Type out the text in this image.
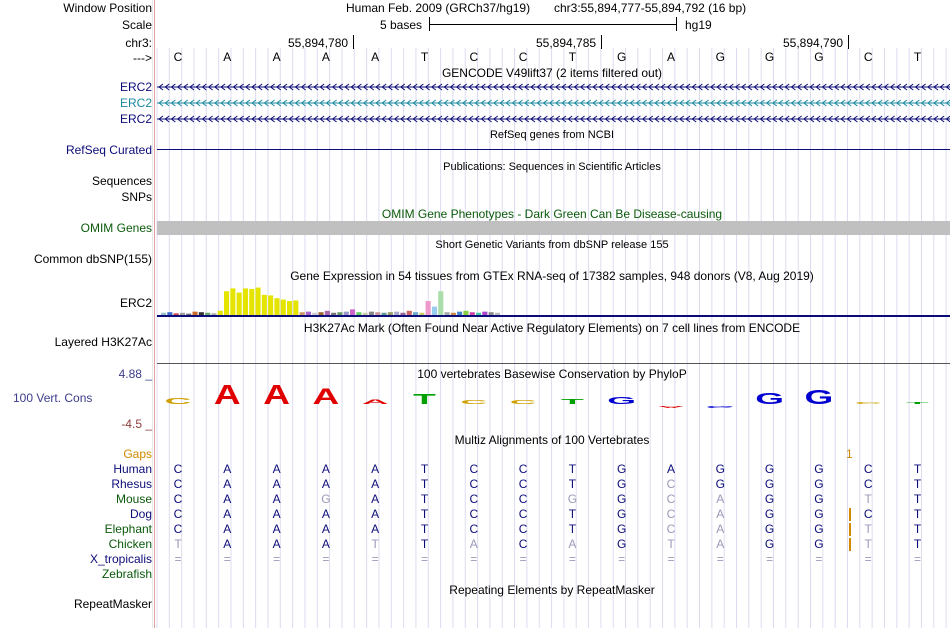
Window Position
Scale
chr3:
--->
Human Feb. 2009 (GRCh37/hg19) chr3:55,894,777-55,894,792 (16 bp)
5 bases	hg19
55,894,780	55,894,785	55,894,790
C	A	A	A	A	T	C	C	T	G	A	G	G	G	C	T
GENCODE V49lift37 (2 items filtered out)
ERC2
ERC2
ERC2
RefSeq genes from NCBI
RefSeq Curated
Publications: Sequences in Scientific Articles
Sequences
SNPs
OMIM Gene Phenotypes - Dark Green Can Be Disease-causing
OMIM Genes
Short Genetic Variants from dbSNP release 155
Common dbSNP(155)
Gene Expression in 54 tissues from GTEx RNA-seq of 17382 samples, 948 donors (V8, Aug 2019)
ERC2
H3K27Ac Mark (Often Found Near Active Regulatory Elements) on 7 cell lines from ENCODE
Layered H3K27Ac
100 vertebrates Basewise Conservation by PhyloP
4.88 _
100 Vert. Cons
-4.5 _
C A A A A T C C T G
A G G G C T
Multiz Alignments of 100 Vertebrates
Gaps	1
Human C	A	A	A	A	T	C	C	T	G	A	G	G	G	C	T
Rhesus C	A	A	A	A	T	C	C	T	G	C	G	G	G	C	T
Mouse C	A	A	G	A	T	C	C	G	G	C	A	G	G	T	T
Dog C	A	A	A	A	T	C	C	T	G	C	A	G	G	C	T
Elephant C	A	A	A	A	T	C	C	T	G	C	A	G	G	T	T
Chicken T	A	A	A	T	T	A	C	A	G	T	A	G	G	T	T
X_tropicalis =	=	=	=	=	=	=	=	=	=	=	=	=	=	=	=
Zebrafish
Repeating Elements by RepeatMasker
RepeatMasker
